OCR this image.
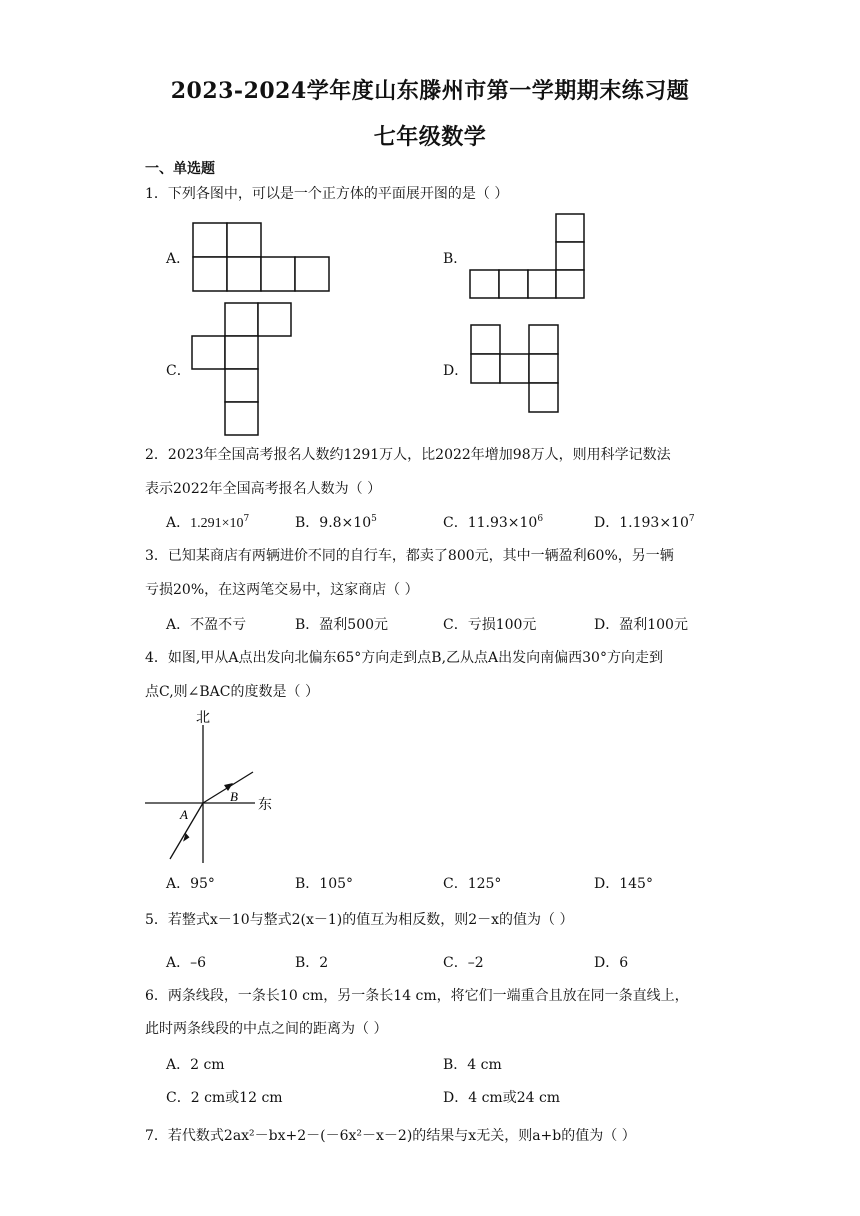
2023-2024学年度山东滕州市第一学期期末练习题
七年级数学
一、单选题
1．下列各图中，可以是一个正方体的平面展开图的是（ ）
A．	B．
C．	D．
2．2023年全国高考报名人数约1291万人，比2022年增加98万人，则用科学记数法
表示2022年全国高考报名人数为（ ）
A．$1.291\times 10^7$	B．$9.8\times 10^5$	C．$11.93\times 10^6$	D．$1.193\times 10^7$
3．已知某商店有两辆进价不同的自行车，都卖了800元，其中一辆盈利60%，另一辆
亏损20%，在这两笔交易中，这家商店（ ）
A．不盈不亏	B．盈利500元	C．亏损100元	D．盈利100元
4．如图,甲从A点出发向北偏东65°方向走到点B,乙从点A出发向南偏西30°方向走到
点C,则∠BAC的度数是（ ）
北
东
A
B
A．95°	B．105°	C．125°	D．145°
5．若整式x－10与整式2(x－1)的值互为相反数，则2－x的值为（ ）
A．–6	B．2	C．–2	D．6
6．两条线段，一条长10 cm，另一条长14 cm，将它们一端重合且放在同一条直线上，
此时两条线段的中点之间的距离为（ ）
A．2 cm	B．4 cm
C．2 cm或12 cm	D．4 cm或24 cm
7．若代数式2ax²－bx+2－(－6x²－x－2)的结果与x无关，则a+b的值为（ ）
